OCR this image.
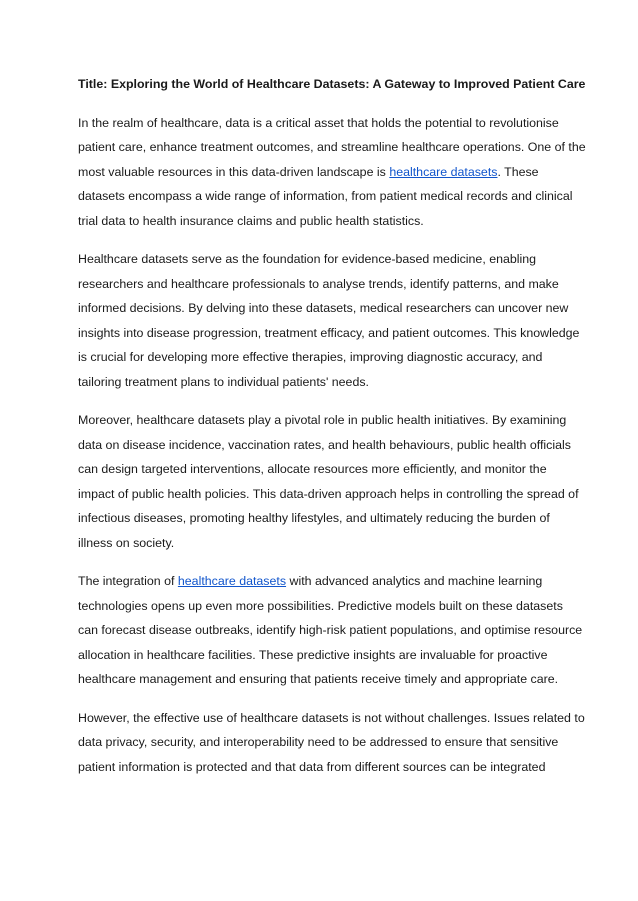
Title: Exploring the World of Healthcare Datasets: A Gateway to Improved Patient Care
In the realm of healthcare, data is a critical asset that holds the potential to revolutionise
patient care, enhance treatment outcomes, and streamline healthcare operations. One of the
most valuable resources in this data-driven landscape is healthcare datasets. These
datasets encompass a wide range of information, from patient medical records and clinical
trial data to health insurance claims and public health statistics.
Healthcare datasets serve as the foundation for evidence-based medicine, enabling
researchers and healthcare professionals to analyse trends, identify patterns, and make
informed decisions. By delving into these datasets, medical researchers can uncover new
insights into disease progression, treatment efficacy, and patient outcomes. This knowledge
is crucial for developing more effective therapies, improving diagnostic accuracy, and
tailoring treatment plans to individual patients' needs.
Moreover, healthcare datasets play a pivotal role in public health initiatives. By examining
data on disease incidence, vaccination rates, and health behaviours, public health officials
can design targeted interventions, allocate resources more efficiently, and monitor the
impact of public health policies. This data-driven approach helps in controlling the spread of
infectious diseases, promoting healthy lifestyles, and ultimately reducing the burden of
illness on society.
The integration of healthcare datasets with advanced analytics and machine learning
technologies opens up even more possibilities. Predictive models built on these datasets
can forecast disease outbreaks, identify high-risk patient populations, and optimise resource
allocation in healthcare facilities. These predictive insights are invaluable for proactive
healthcare management and ensuring that patients receive timely and appropriate care.
However, the effective use of healthcare datasets is not without challenges. Issues related to
data privacy, security, and interoperability need to be addressed to ensure that sensitive
patient information is protected and that data from different sources can be integrated
